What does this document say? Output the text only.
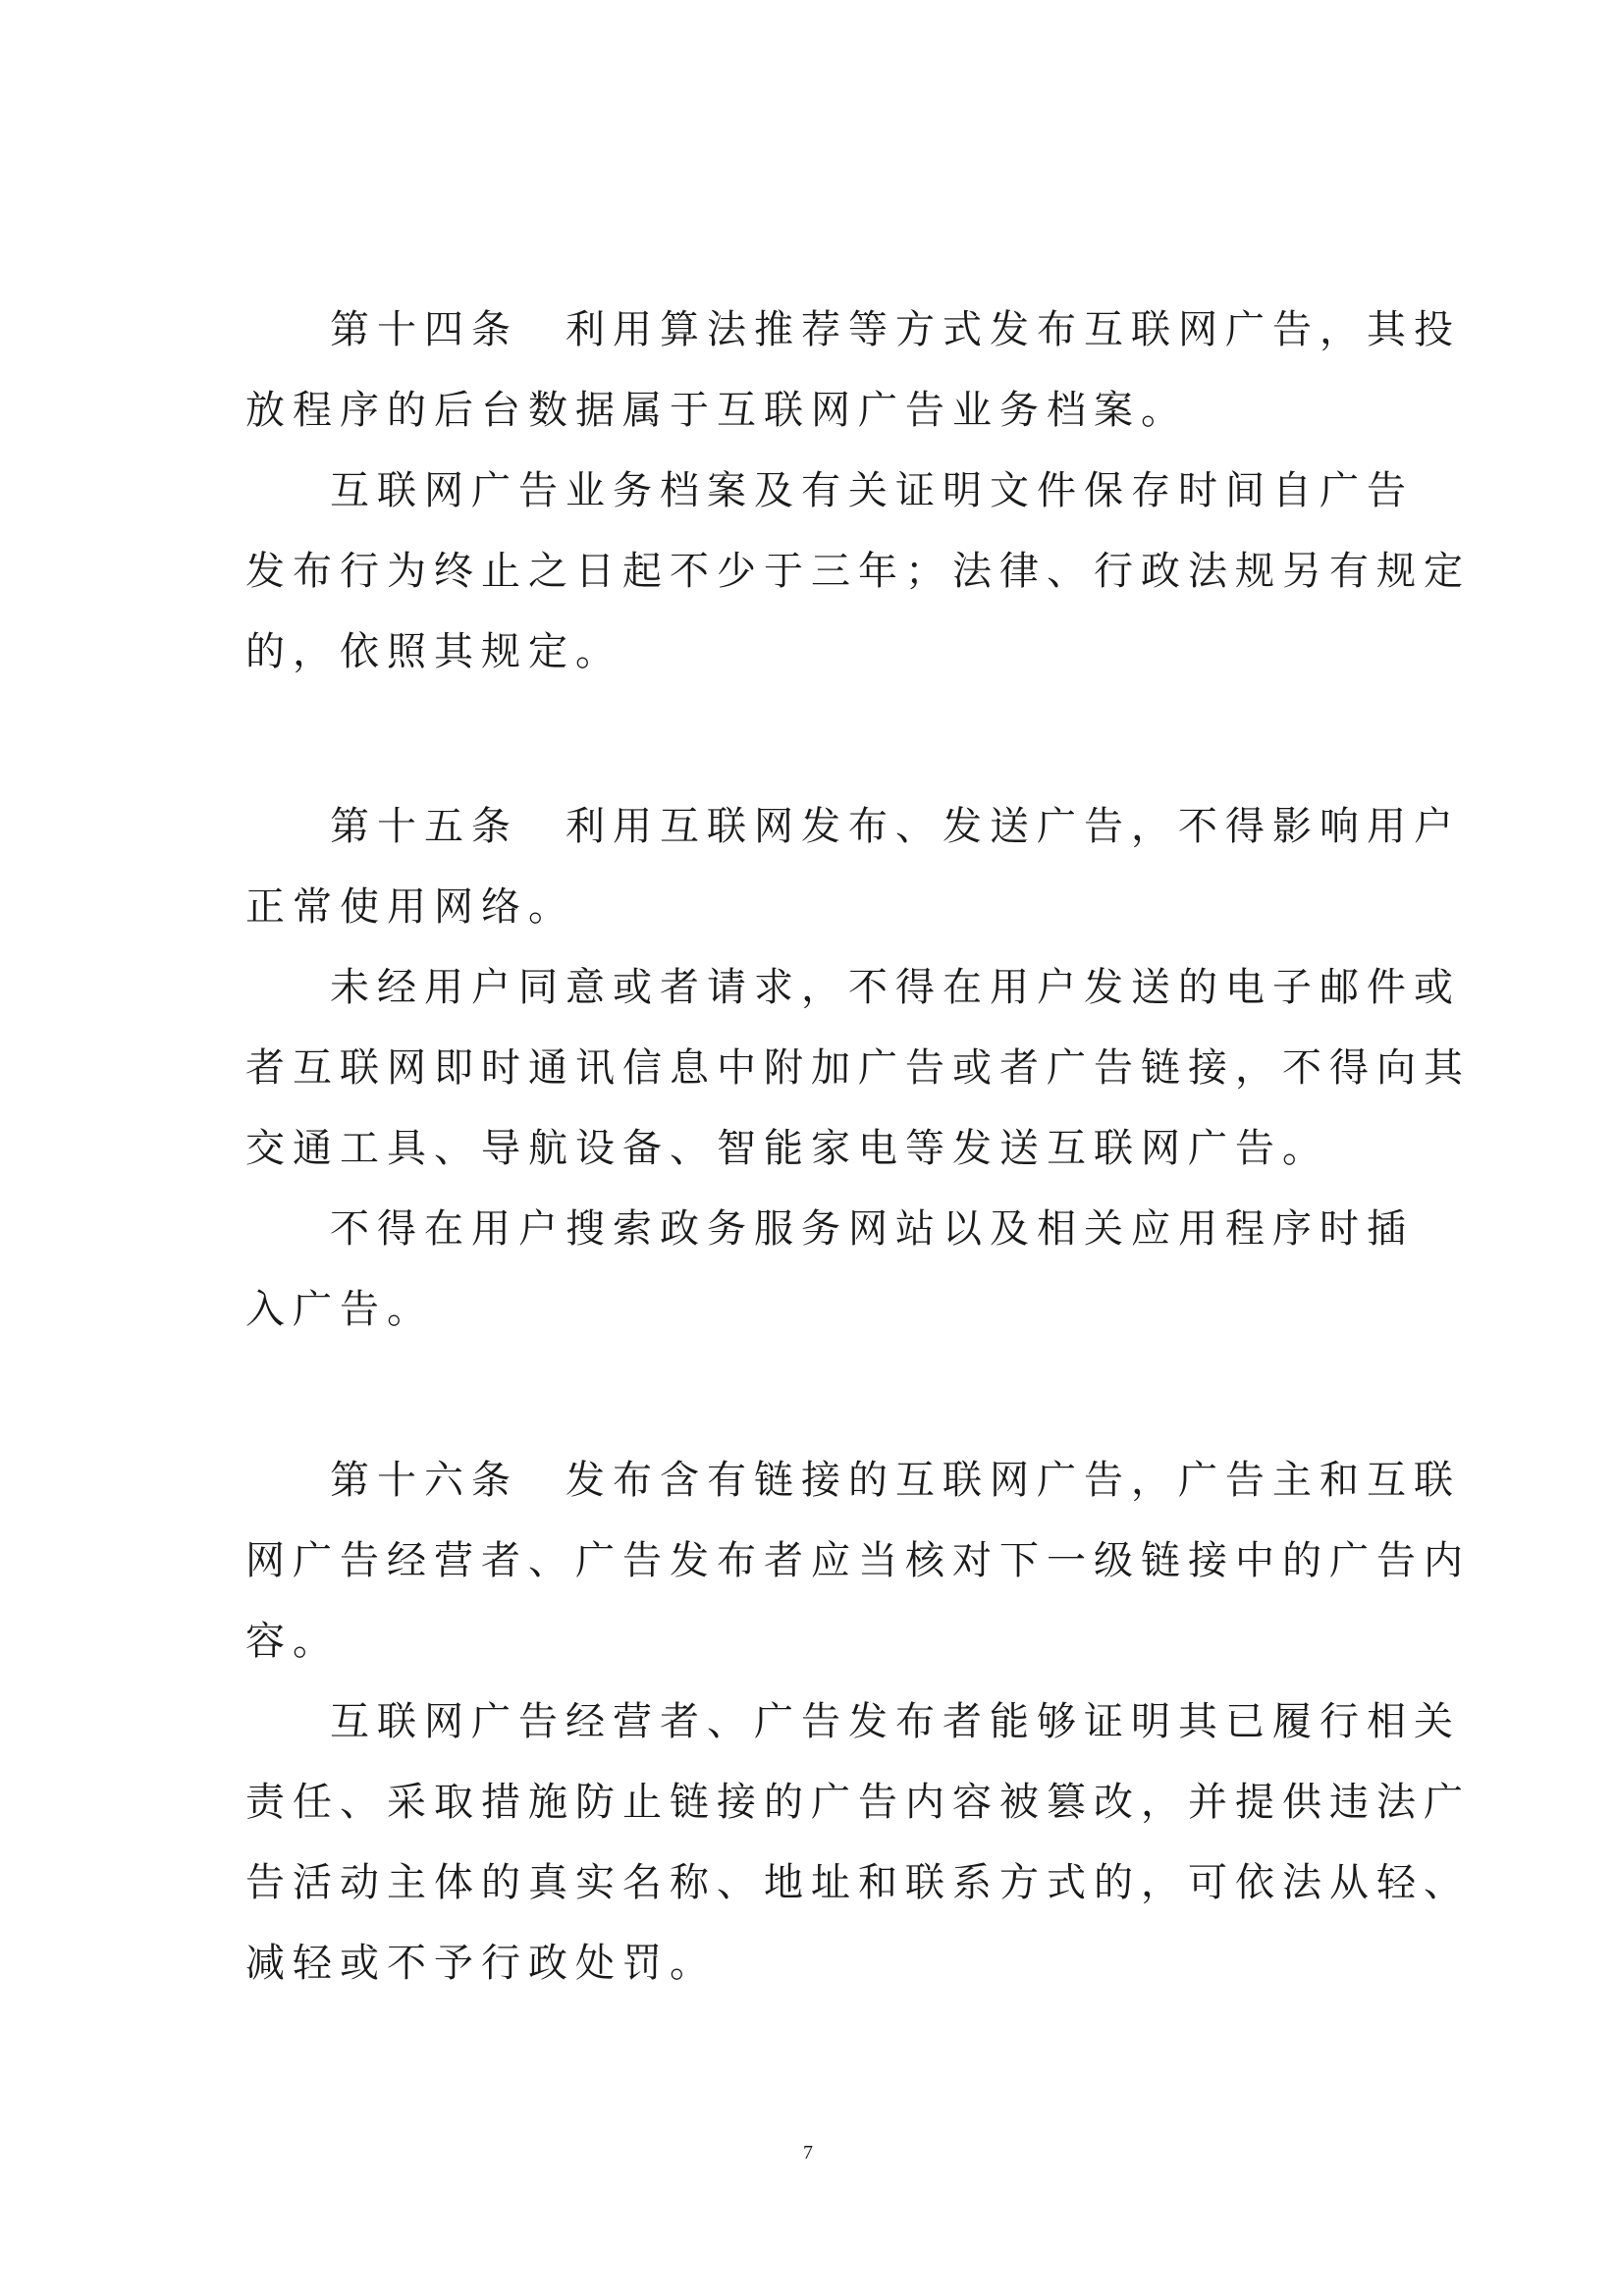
第十四条　利用算法推荐等方式发布互联网广告，其投

放程序的后台数据属于互联网广告业务档案。

互联网广告业务档案及有关证明文件保存时间自广告

发布行为终止之日起不少于三年；法律、行政法规另有规定

的，依照其规定。

第十五条　利用互联网发布、发送广告，不得影响用户

正常使用网络。

未经用户同意或者请求，不得在用户发送的电子邮件或

者互联网即时通讯信息中附加广告或者广告链接，不得向其

交通工具、导航设备、智能家电等发送互联网广告。

不得在用户搜索政务服务网站以及相关应用程序时插

入广告。

第十六条　发布含有链接的互联网广告，广告主和互联

网广告经营者、广告发布者应当核对下一级链接中的广告内

容。

互联网广告经营者、广告发布者能够证明其已履行相关

责任、采取措施防止链接的广告内容被篡改，并提供违法广

告活动主体的真实名称、地址和联系方式的，可依法从轻、

减轻或不予行政处罚。

7
